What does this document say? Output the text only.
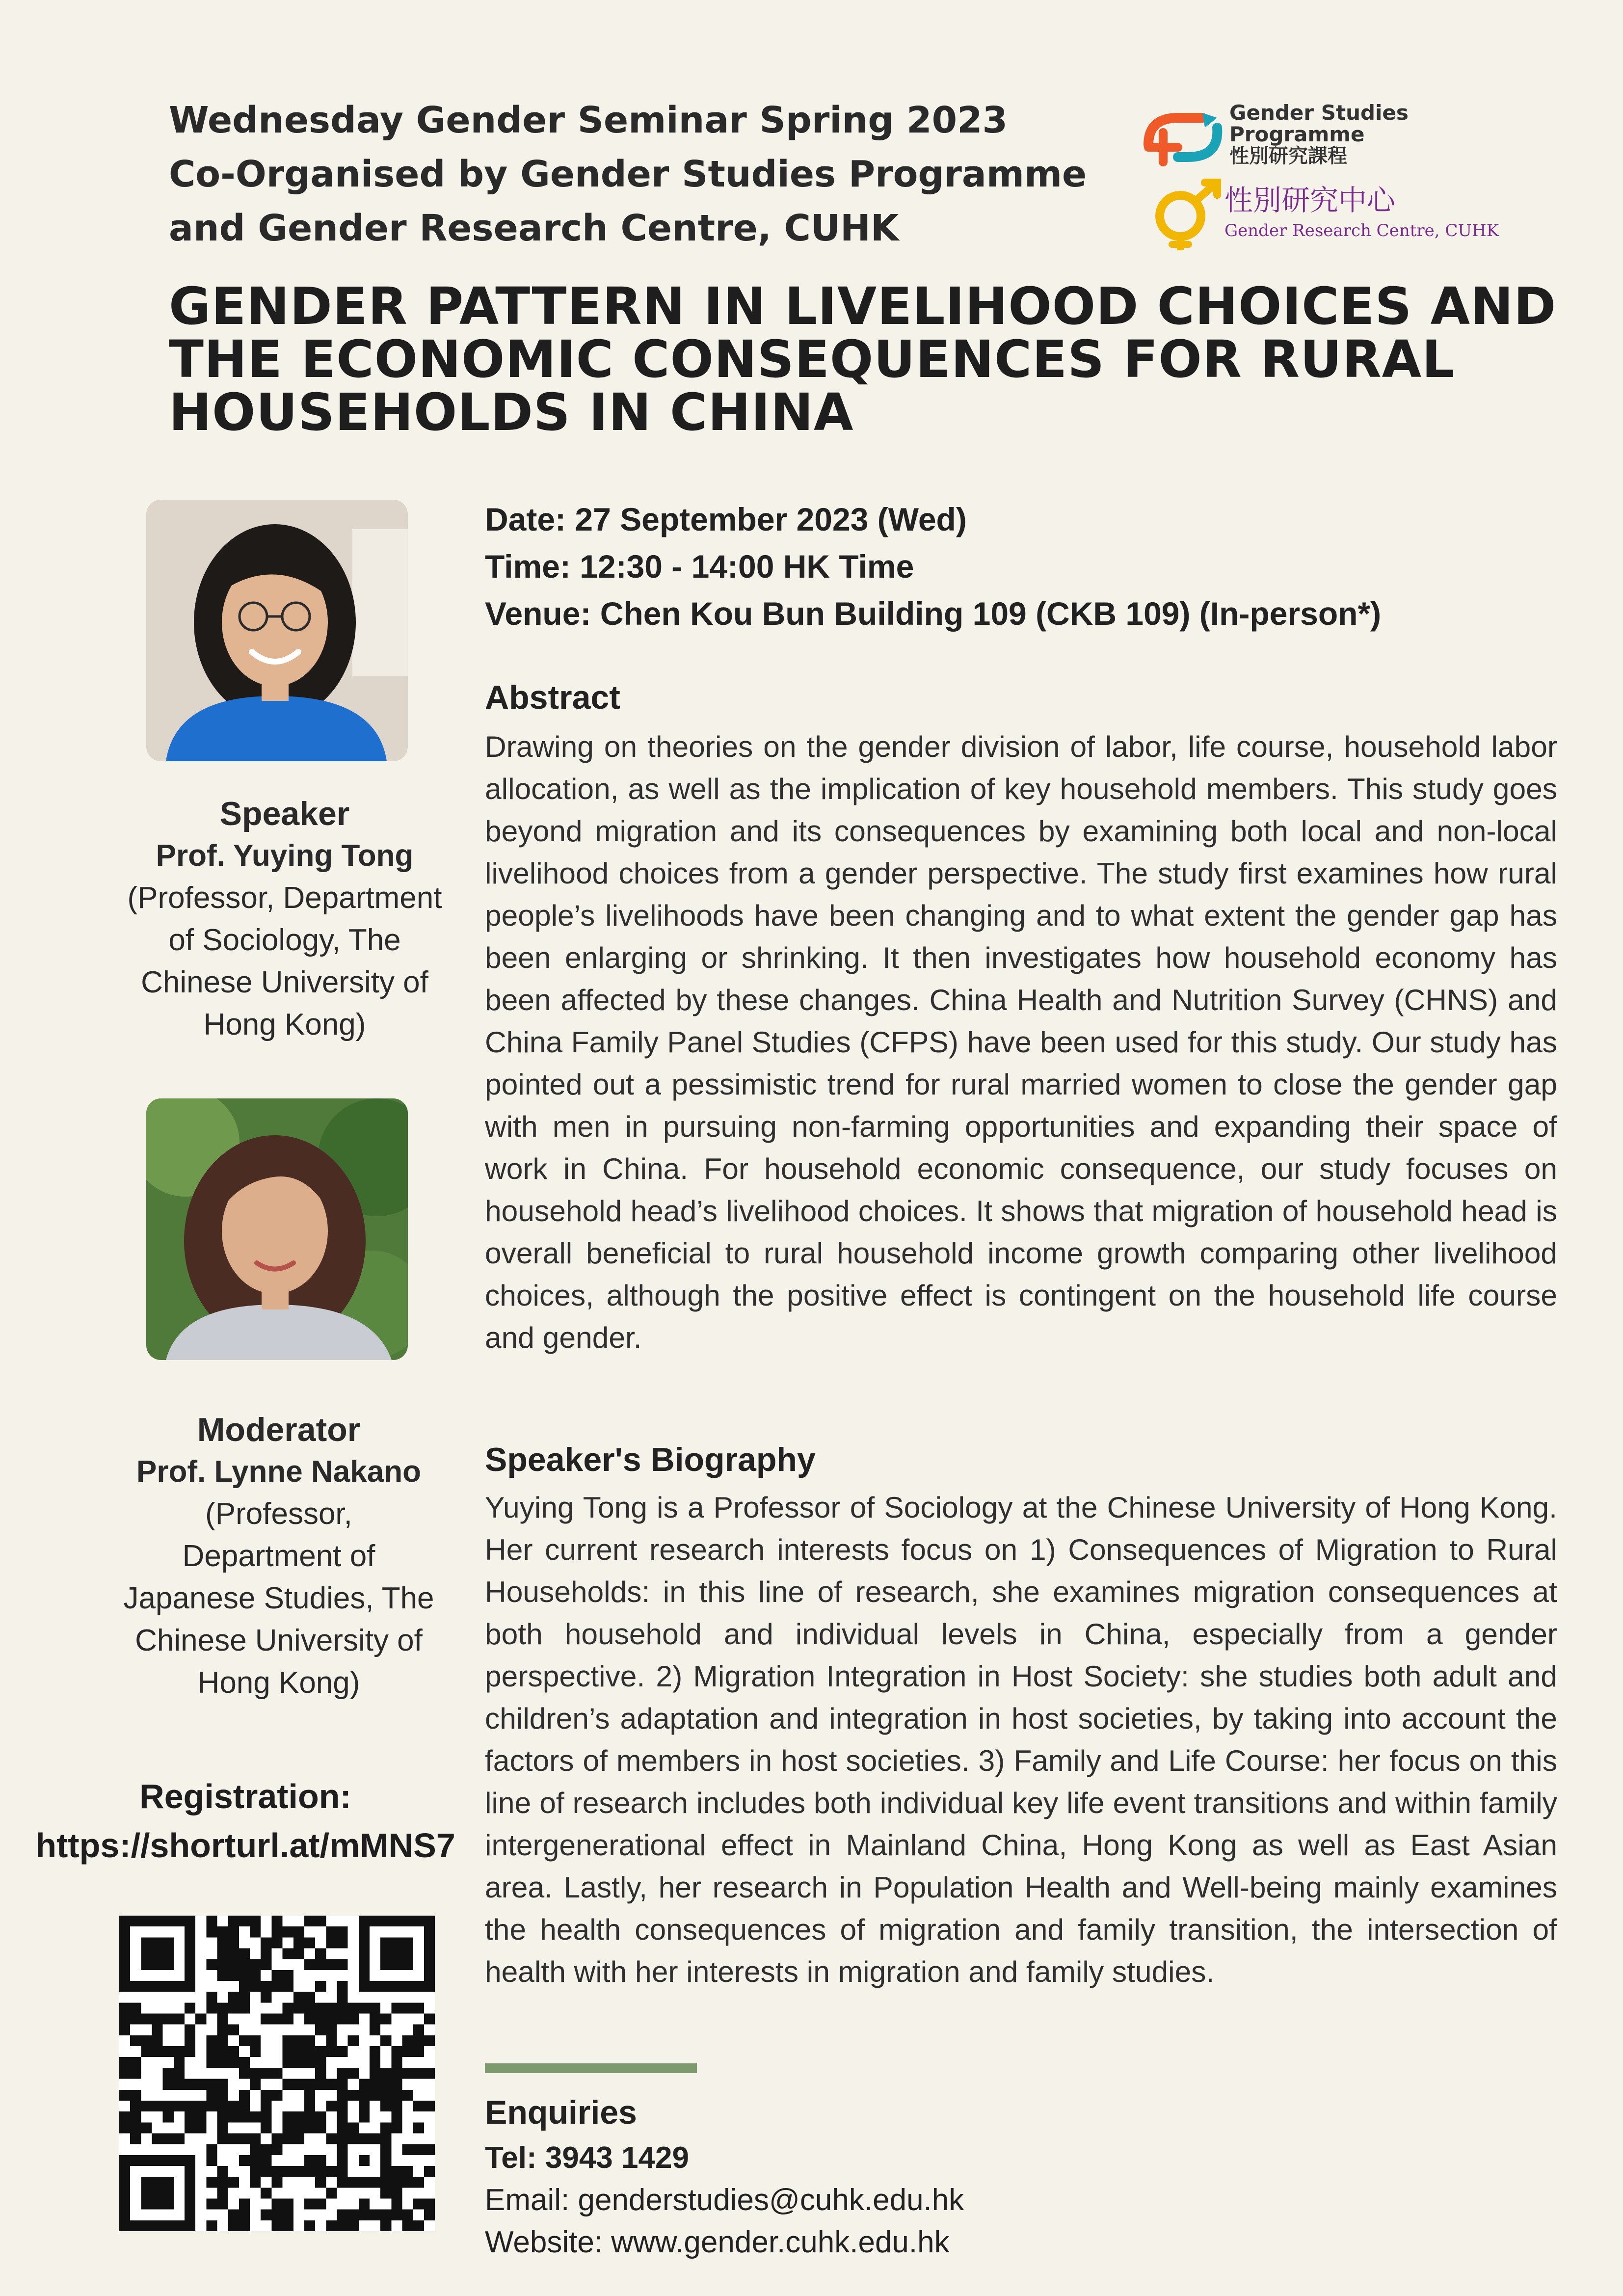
Wednesday Gender Seminar Spring 2023
Co-Organised by Gender Studies Programme
and Gender Research Centre, CUHK
Gender Studies
Programme
性別研究課程
性別研究中心
Gender Research Centre, CUHK
GENDER PATTERN IN LIVELIHOOD CHOICES AND
THE ECONOMIC CONSEQUENCES FOR RURAL
HOUSEHOLDS IN CHINA
Speaker
Prof. Yuying Tong
(Professor, Department
of Sociology, The
Chinese University of
Hong Kong)
Moderator
Prof. Lynne Nakano
(Professor,
Department of
Japanese Studies, The
Chinese University of
Hong Kong)
Registration:
https://shorturl.at/mMNS7
Date: 27 September 2023 (Wed)
Time: 12:30 - 14:00 HK Time
Venue: Chen Kou Bun Building 109 (CKB 109) (In-person*)
Abstract
Drawing on theories on the gender division of labor, life course, household labor allocation, as well as the implication of key household members. This study goes beyond migration and its consequences by examining both local and non-local livelihood choices from a gender perspective. The study first examines how rural people’s livelihoods have been changing and to what extent the gender gap has been enlarging or shrinking. It then investigates how household economy has been affected by these changes. China Health and Nutrition Survey (CHNS) and China Family Panel Studies (CFPS) have been used for this study. Our study has pointed out a pessimistic trend for rural married women to close the gender gap with men in pursuing non-farming opportunities and expanding their space of work in China. For household economic consequence, our study focuses on household head’s livelihood choices. It shows that migration of household head is overall beneficial to rural household income growth comparing other livelihood choices, although the positive effect is contingent on the household life course and gender.
Speaker's Biography
Yuying Tong is a Professor of Sociology at the Chinese University of Hong Kong. Her current research interests focus on 1) Consequences of Migration to Rural Households: in this line of research, she examines migration consequences at both household and individual levels in China, especially from a gender perspective. 2) Migration Integration in Host Society: she studies both adult and children’s adaptation and integration in host societies, by taking into account the factors of members in host societies. 3) Family and Life Course: her focus on this line of research includes both individual key life event transitions and within family intergenerational effect in Mainland China, Hong Kong as well as East Asian area. Lastly, her research in Population Health and Well-being mainly examines the health consequences of migration and family transition, the intersection of health with her interests in migration and family studies.
Enquiries
Tel: 3943 1429
Email: genderstudies@cuhk.edu.hk
Website: www.gender.cuhk.edu.hk
